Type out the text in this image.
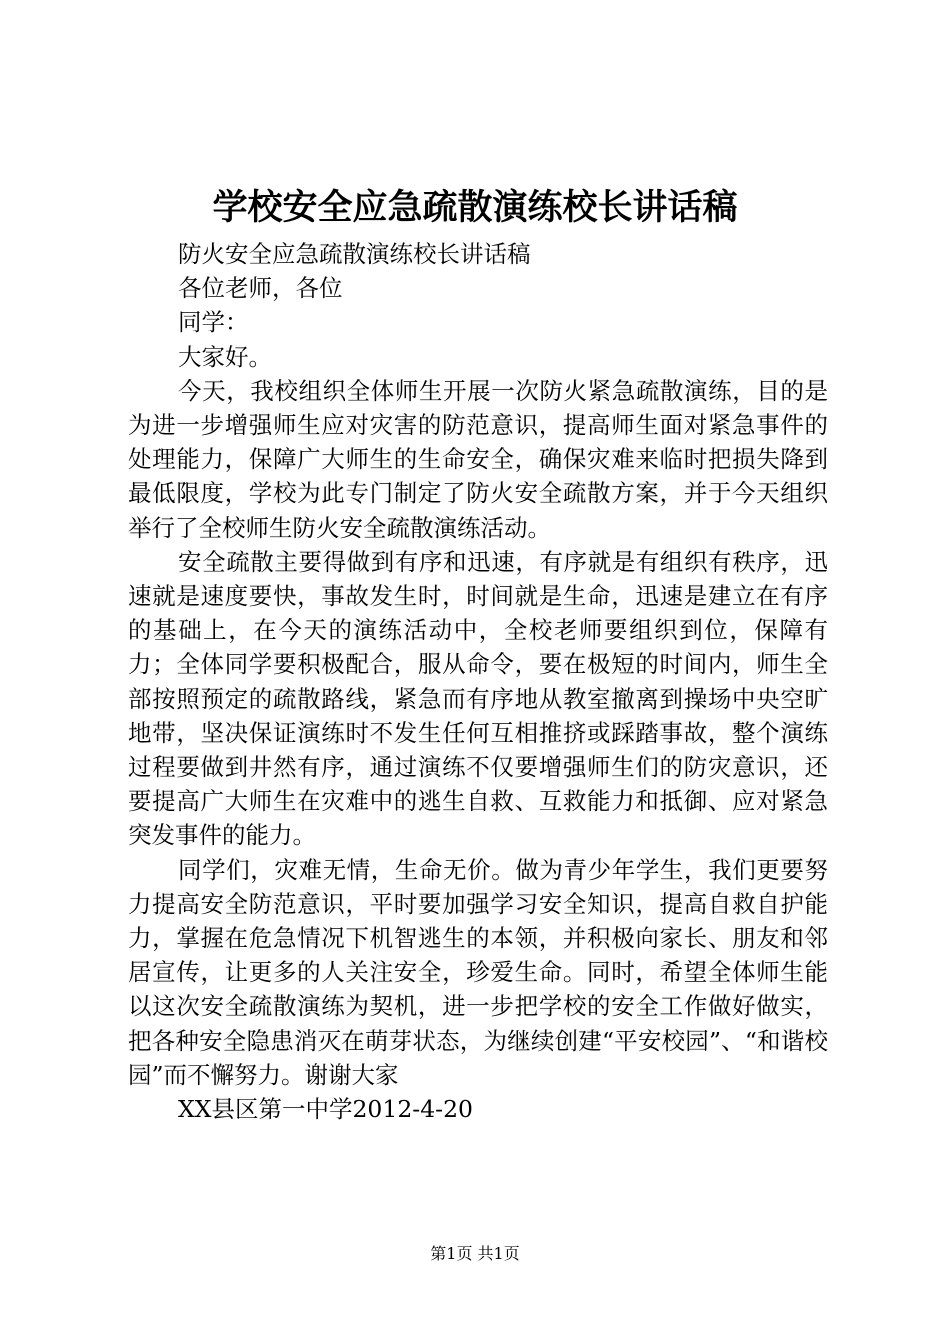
学校安全应急疏散演练校长讲话稿

防火安全应急疏散演练校长讲话稿

各位老师，各位

同学：

大家好。

今天，我校组织全体师生开展一次防火紧急疏散演练，目的是为进一步增强师生应对灾害的防范意识，提高师生面对紧急事件的处理能力，保障广大师生的生命安全，确保灾难来临时把损失降到最低限度，学校为此专门制定了防火安全疏散方案，并于今天组织举行了全校师生防火安全疏散演练活动。

安全疏散主要得做到有序和迅速，有序就是有组织有秩序，迅速就是速度要快，事故发生时，时间就是生命，迅速是建立在有序的基础上，在今天的演练活动中，全校老师要组织到位，保障有力；全体同学要积极配合，服从命令，要在极短的时间内，师生全部按照预定的疏散路线，紧急而有序地从教室撤离到操场中央空旷地带，坚决保证演练时不发生任何互相推挤或踩踏事故，整个演练过程要做到井然有序，通过演练不仅要增强师生们的防灾意识，还要提高广大师生在灾难中的逃生自救、互救能力和抵御、应对紧急突发事件的能力。

同学们，灾难无情，生命无价。做为青少年学生，我们更要努力提高安全防范意识，平时要加强学习安全知识，提高自救自护能力，掌握在危急情况下机智逃生的本领，并积极向家长、朋友和邻居宣传，让更多的人关注安全，珍爱生命。同时，希望全体师生能以这次安全疏散演练为契机，进一步把学校的安全工作做好做实，把各种安全隐患消灭在萌芽状态，为继续创建“平安校园”、“和谐校园”而不懈努力。谢谢大家

XX县区第一中学2012-4-20

第1页 共1页
